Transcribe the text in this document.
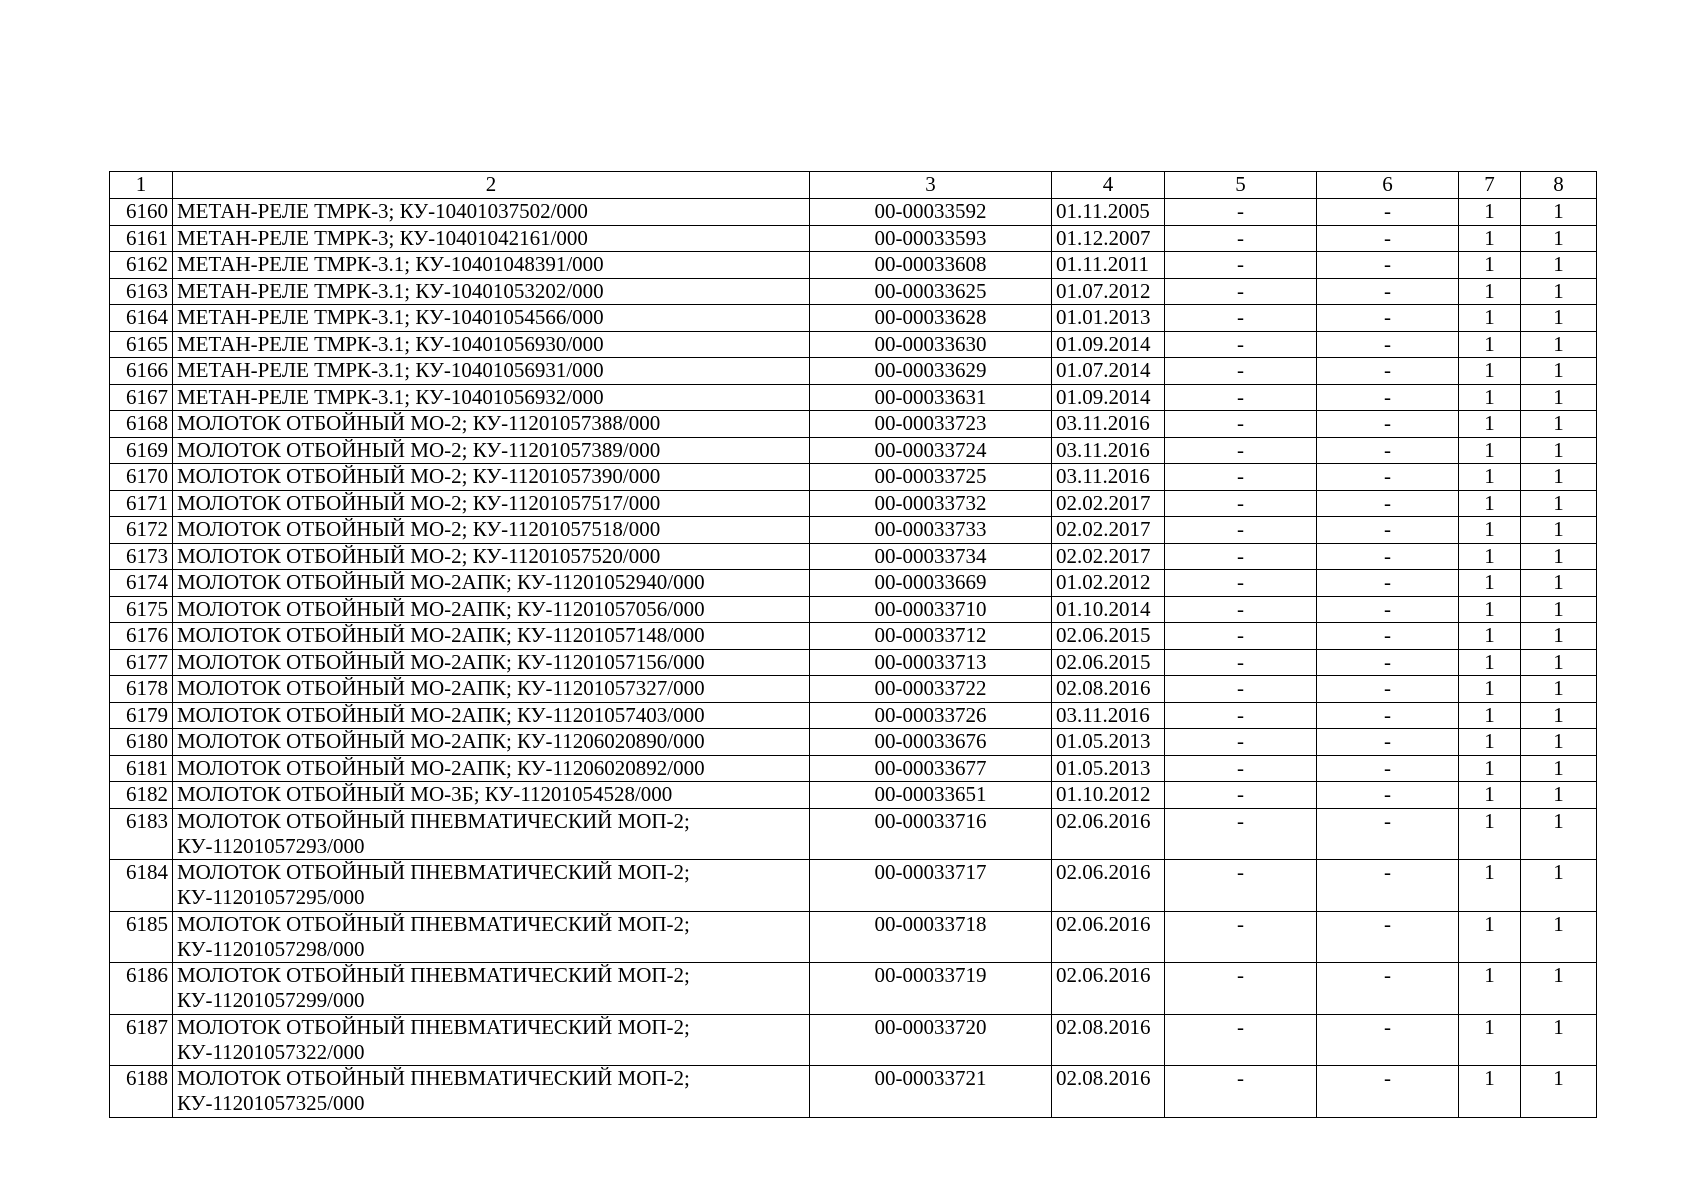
1	2	3	4	5	6	7	8
6160	МЕТАН-РЕЛЕ ТМРК-3; КУ-10401037502/000	00-00033592	01.11.2005	-	-	1	1
6161	МЕТАН-РЕЛЕ ТМРК-3; КУ-10401042161/000	00-00033593	01.12.2007	-	-	1	1
6162	МЕТАН-РЕЛЕ ТМРК-3.1; КУ-10401048391/000	00-00033608	01.11.2011	-	-	1	1
6163	МЕТАН-РЕЛЕ ТМРК-3.1; КУ-10401053202/000	00-00033625	01.07.2012	-	-	1	1
6164	МЕТАН-РЕЛЕ ТМРК-3.1; КУ-10401054566/000	00-00033628	01.01.2013	-	-	1	1
6165	МЕТАН-РЕЛЕ ТМРК-3.1; КУ-10401056930/000	00-00033630	01.09.2014	-	-	1	1
6166	МЕТАН-РЕЛЕ ТМРК-3.1; КУ-10401056931/000	00-00033629	01.07.2014	-	-	1	1
6167	МЕТАН-РЕЛЕ ТМРК-3.1; КУ-10401056932/000	00-00033631	01.09.2014	-	-	1	1
6168	МОЛОТОК ОТБОЙНЫЙ МО-2; КУ-11201057388/000	00-00033723	03.11.2016	-	-	1	1
6169	МОЛОТОК ОТБОЙНЫЙ МО-2; КУ-11201057389/000	00-00033724	03.11.2016	-	-	1	1
6170	МОЛОТОК ОТБОЙНЫЙ МО-2; КУ-11201057390/000	00-00033725	03.11.2016	-	-	1	1
6171	МОЛОТОК ОТБОЙНЫЙ МО-2; КУ-11201057517/000	00-00033732	02.02.2017	-	-	1	1
6172	МОЛОТОК ОТБОЙНЫЙ МО-2; КУ-11201057518/000	00-00033733	02.02.2017	-	-	1	1
6173	МОЛОТОК ОТБОЙНЫЙ МО-2; КУ-11201057520/000	00-00033734	02.02.2017	-	-	1	1
6174	МОЛОТОК ОТБОЙНЫЙ МО-2АПК; КУ-11201052940/000	00-00033669	01.02.2012	-	-	1	1
6175	МОЛОТОК ОТБОЙНЫЙ МО-2АПК; КУ-11201057056/000	00-00033710	01.10.2014	-	-	1	1
6176	МОЛОТОК ОТБОЙНЫЙ МО-2АПК; КУ-11201057148/000	00-00033712	02.06.2015	-	-	1	1
6177	МОЛОТОК ОТБОЙНЫЙ МО-2АПК; КУ-11201057156/000	00-00033713	02.06.2015	-	-	1	1
6178	МОЛОТОК ОТБОЙНЫЙ МО-2АПК; КУ-11201057327/000	00-00033722	02.08.2016	-	-	1	1
6179	МОЛОТОК ОТБОЙНЫЙ МО-2АПК; КУ-11201057403/000	00-00033726	03.11.2016	-	-	1	1
6180	МОЛОТОК ОТБОЙНЫЙ МО-2АПК; КУ-11206020890/000	00-00033676	01.05.2013	-	-	1	1
6181	МОЛОТОК ОТБОЙНЫЙ МО-2АПК; КУ-11206020892/000	00-00033677	01.05.2013	-	-	1	1
6182	МОЛОТОК ОТБОЙНЫЙ МО-3Б; КУ-11201054528/000	00-00033651	01.10.2012	-	-	1	1
6183	МОЛОТОК ОТБОЙНЫЙ ПНЕВМАТИЧЕСКИЙ МОП-2; КУ-11201057293/000	00-00033716	02.06.2016	-	-	1	1
6184	МОЛОТОК ОТБОЙНЫЙ ПНЕВМАТИЧЕСКИЙ МОП-2; КУ-11201057295/000	00-00033717	02.06.2016	-	-	1	1
6185	МОЛОТОК ОТБОЙНЫЙ ПНЕВМАТИЧЕСКИЙ МОП-2; КУ-11201057298/000	00-00033718	02.06.2016	-	-	1	1
6186	МОЛОТОК ОТБОЙНЫЙ ПНЕВМАТИЧЕСКИЙ МОП-2; КУ-11201057299/000	00-00033719	02.06.2016	-	-	1	1
6187	МОЛОТОК ОТБОЙНЫЙ ПНЕВМАТИЧЕСКИЙ МОП-2; КУ-11201057322/000	00-00033720	02.08.2016	-	-	1	1
6188	МОЛОТОК ОТБОЙНЫЙ ПНЕВМАТИЧЕСКИЙ МОП-2; КУ-11201057325/000	00-00033721	02.08.2016	-	-	1	1
